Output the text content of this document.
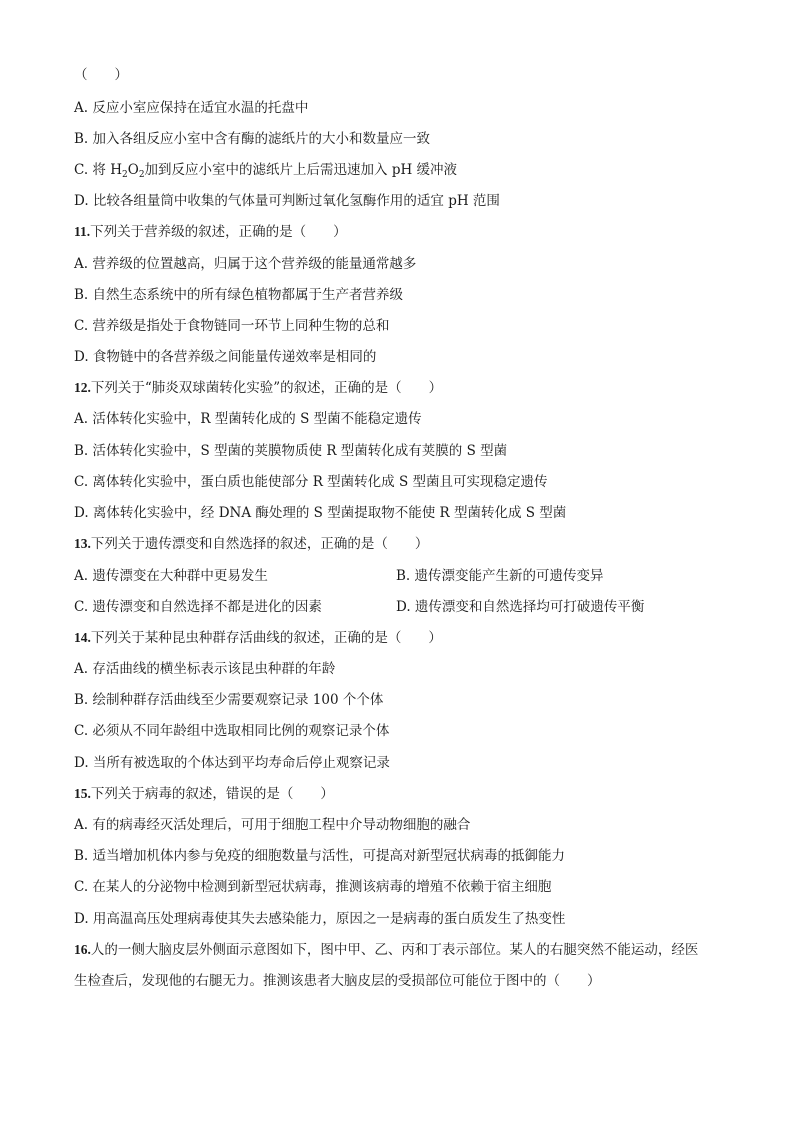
（　　）
A. 反应小室应保持在适宜水温的托盘中
B. 加入各组反应小室中含有酶的滤纸片的大小和数量应一致
C. 将 $H_2O_2$加到反应小室中的滤纸片上后需迅速加入 pH 缓冲液
D. 比较各组量筒中收集的气体量可判断过氧化氢酶作用的适宜 pH 范围
11.下列关于营养级的叙述，正确的是（　　）
A. 营养级的位置越高，归属于这个营养级的能量通常越多
B. 自然生态系统中的所有绿色植物都属于生产者营养级
C. 营养级是指处于食物链同一环节上同种生物的总和
D. 食物链中的各营养级之间能量传递效率是相同的
12.下列关于“肺炎双球菌转化实验”的叙述，正确的是（　　）
A. 活体转化实验中，R 型菌转化成的 S 型菌不能稳定遗传
B. 活体转化实验中，S 型菌的荚膜物质使 R 型菌转化成有荚膜的 S 型菌
C. 离体转化实验中，蛋白质也能使部分 R 型菌转化成 S 型菌且可实现稳定遗传
D. 离体转化实验中，经 DNA 酶处理的 S 型菌提取物不能使 R 型菌转化成 S 型菌
13.下列关于遗传漂变和自然选择的叙述，正确的是（　　）
A. 遗传漂变在大种群中更易发生	B. 遗传漂变能产生新的可遗传变异
C. 遗传漂变和自然选择不都是进化的因素	D. 遗传漂变和自然选择均可打破遗传平衡
14.下列关于某种昆虫种群存活曲线的叙述，正确的是（　　）
A. 存活曲线的横坐标表示该昆虫种群的年龄
B. 绘制种群存活曲线至少需要观察记录 100 个个体
C. 必须从不同年龄组中选取相同比例的观察记录个体
D. 当所有被选取的个体达到平均寿命后停止观察记录
15.下列关于病毒的叙述，错误的是（　　）
A. 有的病毒经灭活处理后，可用于细胞工程中介导动物细胞的融合
B. 适当增加机体内参与免疫的细胞数量与活性，可提高对新型冠状病毒的抵御能力
C. 在某人的分泌物中检测到新型冠状病毒，推测该病毒的增殖不依赖于宿主细胞
D. 用高温高压处理病毒使其失去感染能力，原因之一是病毒的蛋白质发生了热变性
16.人的一侧大脑皮层外侧面示意图如下，图中甲、乙、丙和丁表示部位。某人的右腿突然不能运动，经医
生检查后，发现他的右腿无力。推测该患者大脑皮层的受损部位可能位于图中的（　　）
